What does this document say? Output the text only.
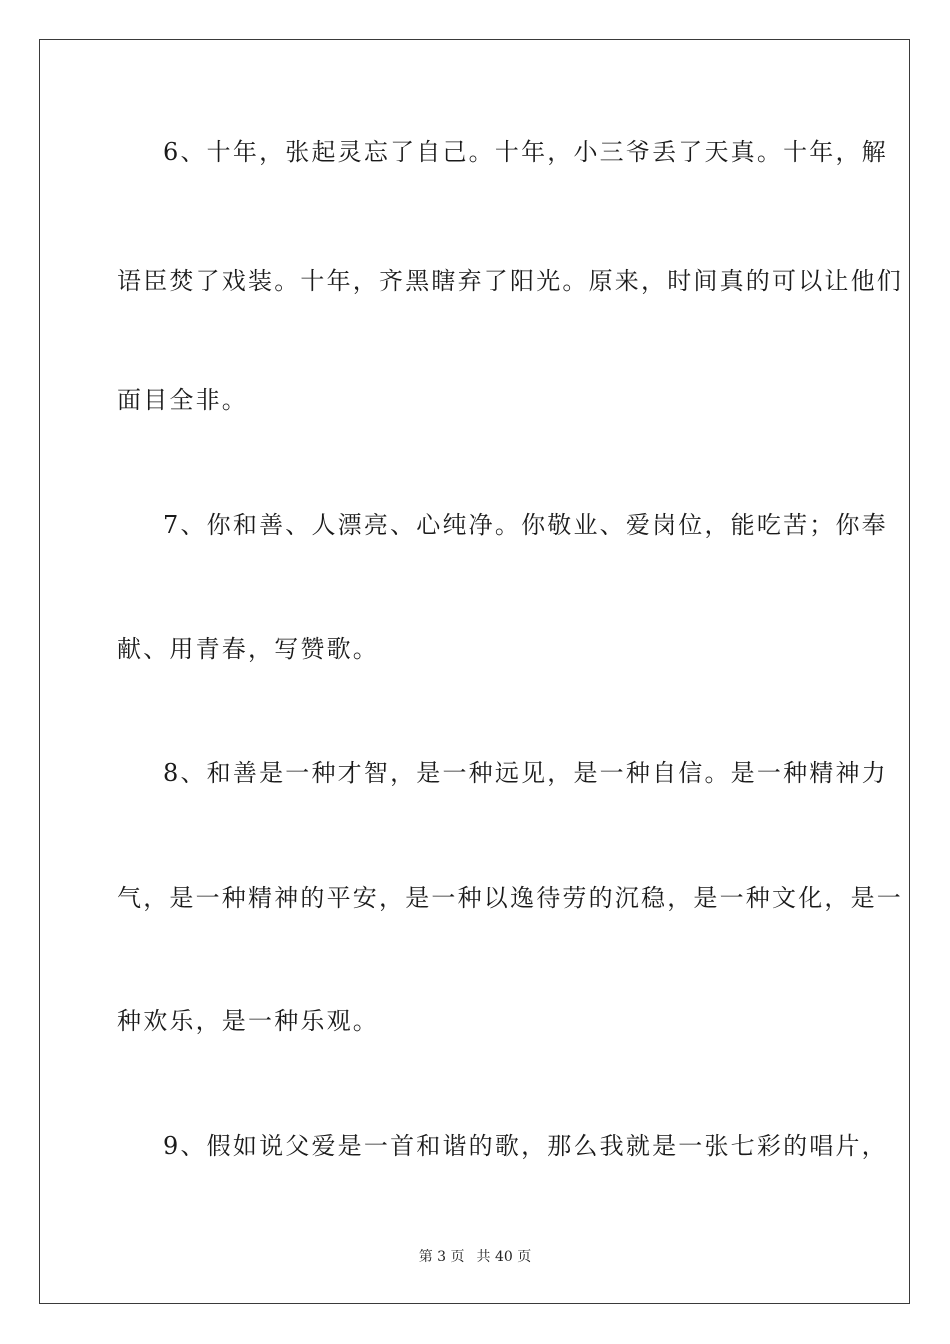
6、十年，张起灵忘了自己。十年，小三爷丢了天真。十年，解
语臣焚了戏装。十年，齐黑瞎弃了阳光。原来，时间真的可以让他们
面目全非。
7、你和善、人漂亮、心纯净。你敬业、爱岗位，能吃苦；你奉
献、用青春，写赞歌。
8、和善是一种才智，是一种远见，是一种自信。是一种精神力
气，是一种精神的平安，是一种以逸待劳的沉稳，是一种文化，是一
种欢乐，是一种乐观。
9、假如说父爱是一首和谐的歌，那么我就是一张七彩的唱片，
第 3 页 共 40 页
